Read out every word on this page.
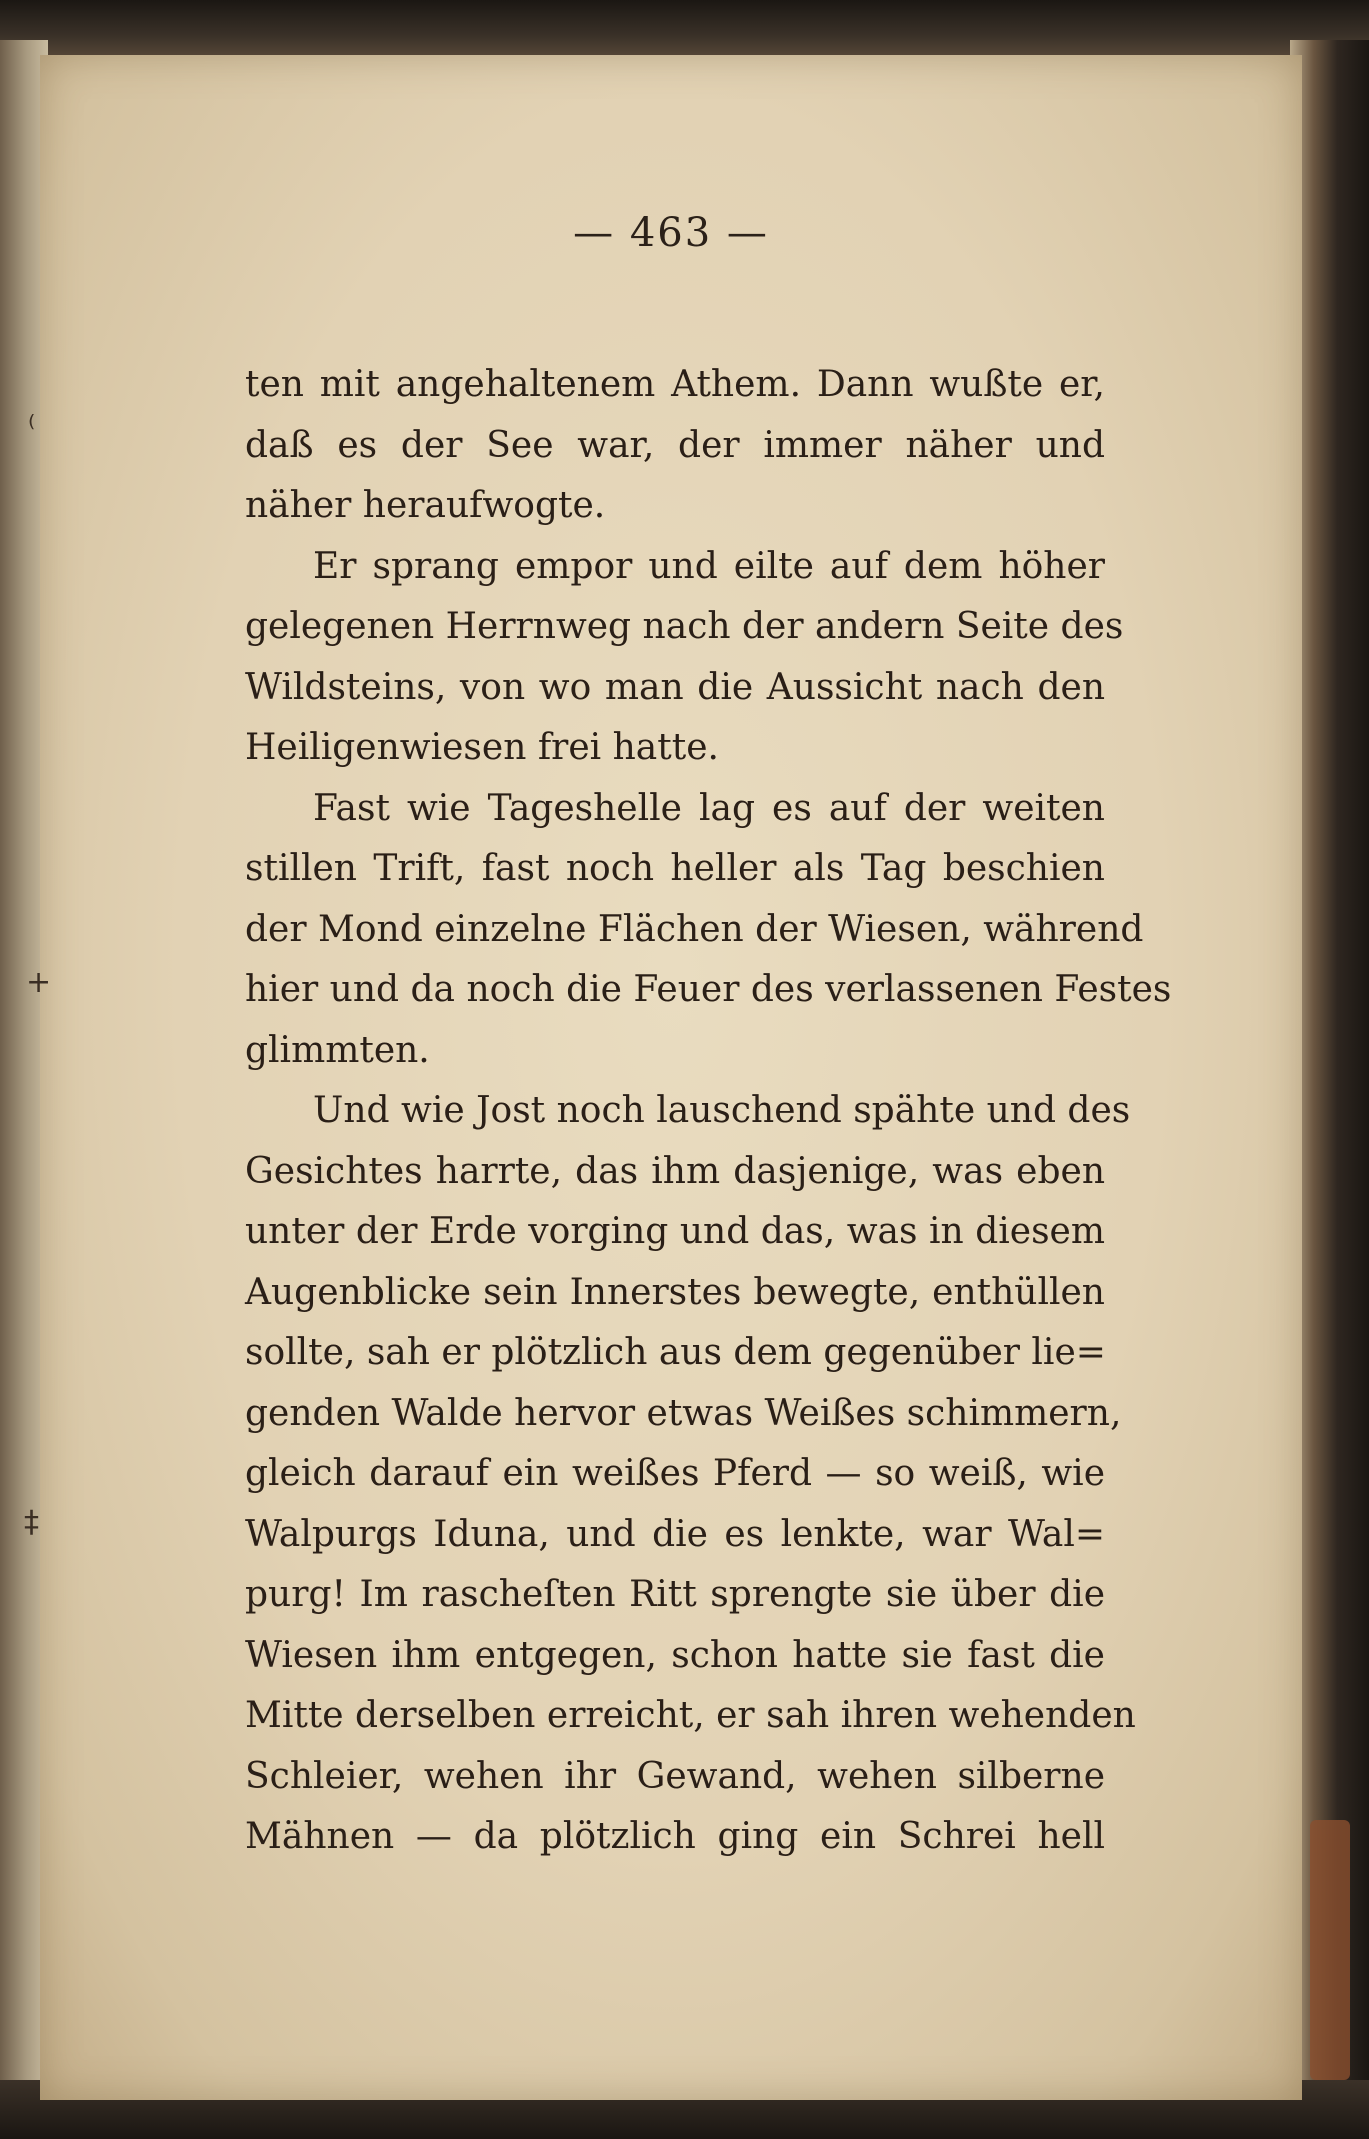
— 463 —
ten mit angehaltenem Athem. Dann wußte er,
daß es der See war, der immer näher und
näher heraufwogte.
Er sprang empor und eilte auf dem höher
gelegenen Herrnweg nach der andern Seite des
Wildsteins, von wo man die Aussicht nach den
Heiligenwiesen frei hatte.
Fast wie Tageshelle lag es auf der weiten
stillen Trift, fast noch heller als Tag beschien
der Mond einzelne Flächen der Wiesen, während
hier und da noch die Feuer des verlassenen Festes
glimmten.
Und wie Jost noch lauschend spähte und des
Gesichtes harrte, das ihm dasjenige, was eben
unter der Erde vorging und das, was in diesem
Augenblicke sein Innerstes bewegte, enthüllen
sollte, sah er plötzlich aus dem gegenüber lie=
genden Walde hervor etwas Weißes schimmern,
gleich darauf ein weißes Pferd — so weiß, wie
Walpurgs Iduna, und die es lenkte, war Wal=
purg! Im rascheſten Ritt sprengte sie über die
Wiesen ihm entgegen, schon hatte sie fast die
Mitte derselben erreicht, er sah ihren wehenden
Schleier, wehen ihr Gewand, wehen silberne
Mähnen — da plötzlich ging ein Schrei hell
⁽
+
‡
